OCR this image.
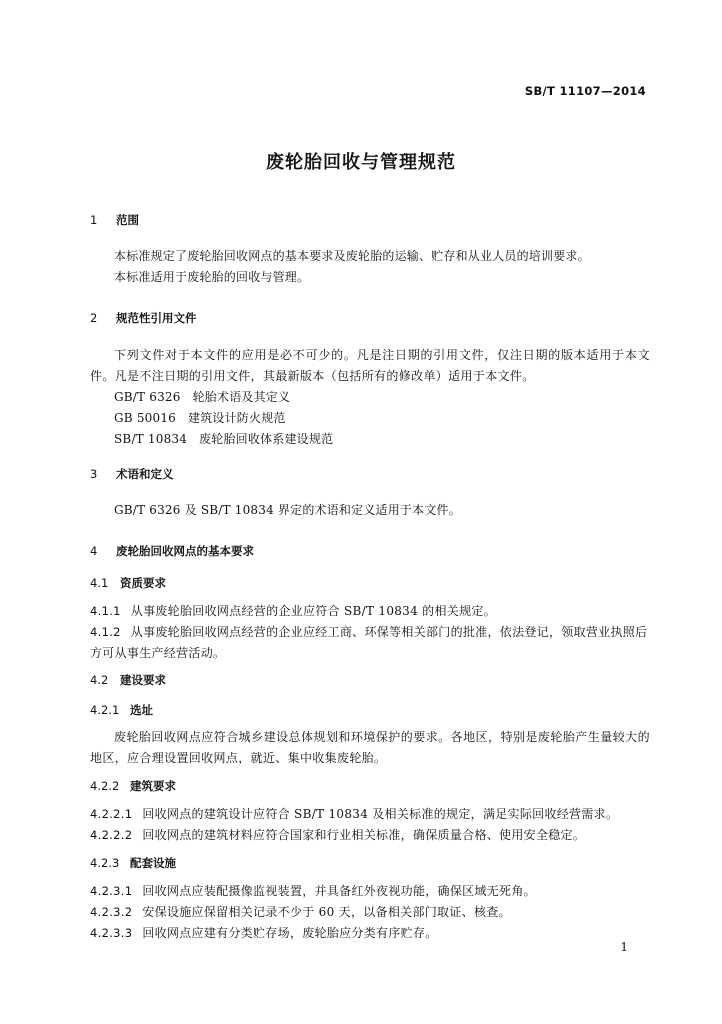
SB/T 11107—2014
废轮胎回收与管理规范
1 范围
本标准规定了废轮胎回收网点的基本要求及废轮胎的运输、贮存和从业人员的培训要求。
本标准适用于废轮胎的回收与管理。
2 规范性引用文件
下列文件对于本文件的应用是必不可少的。凡是注日期的引用文件，仅注日期的版本适用于本文件。凡是不注日期的引用文件，其最新版本（包括所有的修改单）适用于本文件。
GB/T 6326 轮胎术语及其定义
GB 50016 建筑设计防火规范
SB/T 10834 废轮胎回收体系建设规范
3 术语和定义
GB/T 6326 及 SB/T 10834 界定的术语和定义适用于本文件。
4 废轮胎回收网点的基本要求
4.1 资质要求
4.1.1 从事废轮胎回收网点经营的企业应符合 SB/T 10834 的相关规定。
4.1.2 从事废轮胎回收网点经营的企业应经工商、环保等相关部门的批准，依法登记，领取营业执照后方可从事生产经营活动。
4.2 建设要求
4.2.1 选址
废轮胎回收网点应符合城乡建设总体规划和环境保护的要求。各地区，特别是废轮胎产生量较大的地区，应合理设置回收网点，就近、集中收集废轮胎。
4.2.2 建筑要求
4.2.2.1 回收网点的建筑设计应符合 SB/T 10834 及相关标准的规定，满足实际回收经营需求。
4.2.2.2 回收网点的建筑材料应符合国家和行业相关标准，确保质量合格、使用安全稳定。
4.2.3 配套设施
4.2.3.1 回收网点应装配摄像监视装置，并具备红外夜视功能，确保区域无死角。
4.2.3.2 安保设施应保留相关记录不少于 60 天，以备相关部门取证、核查。
4.2.3.3 回收网点应建有分类贮存场，废轮胎应分类有序贮存。
1
